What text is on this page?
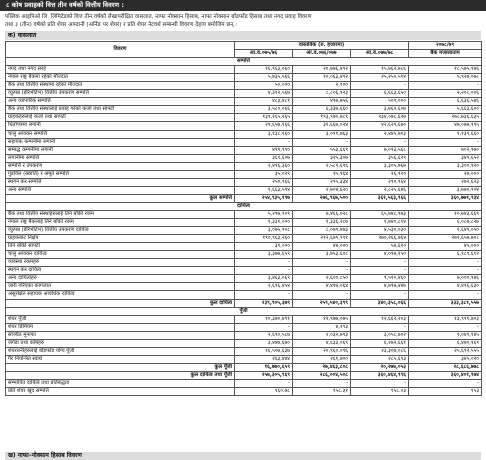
८ कोष प्रवाहको वित्त तीन वर्षको वित्तीय विवरण :
पब्लिक आइपिओ लि. लिमिटेडको वित्त तीन वर्षको लेखापरीक्षित वासलात, नाफा नोक्सान हिसाब, नाफा नोक्सान बाँडफाँड हिसाब तथा नगद प्रवाह विवरण
तथा ३ (तीन) वर्षको प्रति शेयर आम्दानी (अर्निङ पर शेयर) र प्रति शेयर नेटवर्थ सम्बन्धी विवरण देहाय बमोजिम छन् :
क) वासलात
विवरण	वास्तविक (रु. हजारमा)			२०७८/७९
	आ.व.०७५/७६	आ.व.०७६/०७७	आ.व.०७७/७८	बैक मजालाताम
सम्पत्ति				
नगद तथा नगद सरह	१६,९६३,०६०	२०,७७६,४९२	१५,७६२,७८६	१८,५७५,१७६
नेपाल राष्ट्र बैंकमा रहेको मौज्दात	५,७३५,५६६	१०,०६३,४९२	२५,२५०,५१४	५,९२७,०७८
बैंक तथा वित्तीय संस्थामा रहेको मौज्दात	५०,०००	२,१००	-	-
व्युत्पन्न (डेरिभेटिभ) वित्तीय उपकरण सम्पत्ति	४,३१२,५६७	८,८०६,९२३	६,६६३,६५०	२,२०८,००६
अन्य व्यापारिक सम्पत्ति	४८३,४८१	४९७,७५६	५०९,०००	६,६३६,५४६
बैंक तथा वित्तीय संस्थालाई प्रवाह गरेको कर्जा तथा सापटी	३,५८०,०६६	६,३३७,६६०	३,७६०,६०७	५,६६३,६००
ग्राहकहरुलाई कर्जा तथा सापटी	१३९,१६५,२६५	१९३,९७०,७८९	२३४,०७८,६२७	२७८,७३६,६३५
धितोपत्रमा लगानी	२९,६५७,१६६	३१,६६७,०२४	४२,६२९,६७०	४७,०७७,९९५
चालु आयकर सम्पत्ति	३,१३८,१६०	३,०९१,७६३	२,४४५,७१३	१,१३९,६६०
सहायक कम्पनीमा लगानी	-	-	-	-
सम्बद्ध कम्पनीमा लगानी	४९९,९९०	५५३,६६९	७,०९३,५६८	७०२,९७०
लगानीमा सम्पत्ति	३६९,६०७	३२५,३०७	३५६,६२९	३४९,६५२
सम्पत्ति र उपकरण	२,४९६,३६०	२,५८९,६९६	३,३०५,७६७	३,३००,९२०
गुडविल (ख्याति) र अमूर्त सम्पत्ति	३५,०२९	२५,९६४	२६,९२०	२७,०००
स्थगन कर सम्पत्ति	२५०,९६६	२९५,३३४	२९०,९६४	२७२,६२३
अन्य सम्पत्ति	१,६६३,५९४	२,७०४,६२०	२,८२५,६४६	३,७७०,९०४
कुल सम्पत्ति	२५४,९३५,१९७	२७६,९६७,५००	३६१,५६३,९६६	३६०,७७१,९३४
दायित्व				
बैंक तथा वित्तीय संस्थाहरुलाई तिर्न बाँकी रकम	५,२९७,९०९	७,४६६,०२८	६५,७४८,९७३	१०,७४३,६६९
नेपाल राष्ट्र बैंकलाई तिर्न बाँकी रकम	१,३३१,०००	१,३३६,२८७	१,७४०,८१४	६,०८७,८२७
व्युत्पन्न (डेरिभेटिभ) वित्तीय उपकरण दायित्व	३,०७५,९०८	८,०७९,४७३	४,५३०,०३०	१,६४९,०५०
ग्राहकबाट निक्षेप	१९०,९६३,२६०	२१२,६७९,९९१	२७०,२६६,७६४	२७१,६५७,७०८
तिर्न बाँकी सापटी	३९,०००	४४,०००	५४,६१०	४५,०००
चालु आयकर दायित्व	३,३७७,६५९	३,७५३,६०८	४,०९७,१५०	६,९८९,६१२
व्यवस्था रकमहरु	-	-	-	-
स्थगन कर दायित्व	-	-	-	-
अन्य दायित्वहरु	३,४६३,०६९	२,६००,८५०	९,५१०,४६०	७,०००,९४६
जारी गरिएका कागजात	२,६९६,४५४	४,४१७,०६४	४,७९७,४४७	४,४९६,६३०
असुरक्षित सहायक आवधिक दायित्व	-	-	-	-
कुल दायित्व	२३९,९०५,३७९	२५९,५४०,३९९	३४०,३५८,०६६	३३३,३८१,५५७
पूँजी				
शेयर पूँजी	१०,३७०,४९१	१२,९७७,०७५	१२,६६२,२०३	१३,९९१,७०३
शेयर प्रिमियम	-	४,२९३	-	-
सञ्चित मुनाफा	२,६९०,५८७	२,०३२,७९३	३,०५८,७०२	१,०४९,१४५
जगेडा तथा कोषहरु	३,४४७,६७०	४,६३३,०६९	६,२७२,६६१	६,४७०,१६९
शेयरधनीहरुलाई बाँडफाँड योग्य पूँजी	१६,५०७,६३७	२०,९६०,०९६	२३,३०७,०८६	२५,६९२,५५५
गैर नियन्त्रित स्वार्थ	२६३,४४४	२६१,७००	२८५,६९३	३४५,०२०
कुल पूँजी	१६,७७०,६५९	२७,४६३,८०८	२०,२७७,०५३	२८,६८६,७७८
कुल दायित्व तथा पूँजी	२५७,३०५,९६९	२८६,००४,५०८	३६०,४६४,९९६	३६०,४०१,९७४
सम्भावित दायित्व तथा प्रतिबद्धता	-	-	-	-
प्रति शेयर खुद सम्पत्ति	१६०.७८	१५८.३१	१५८.०३	१५३
ख) नाफा–नोक्सान हिसाब विवरण
